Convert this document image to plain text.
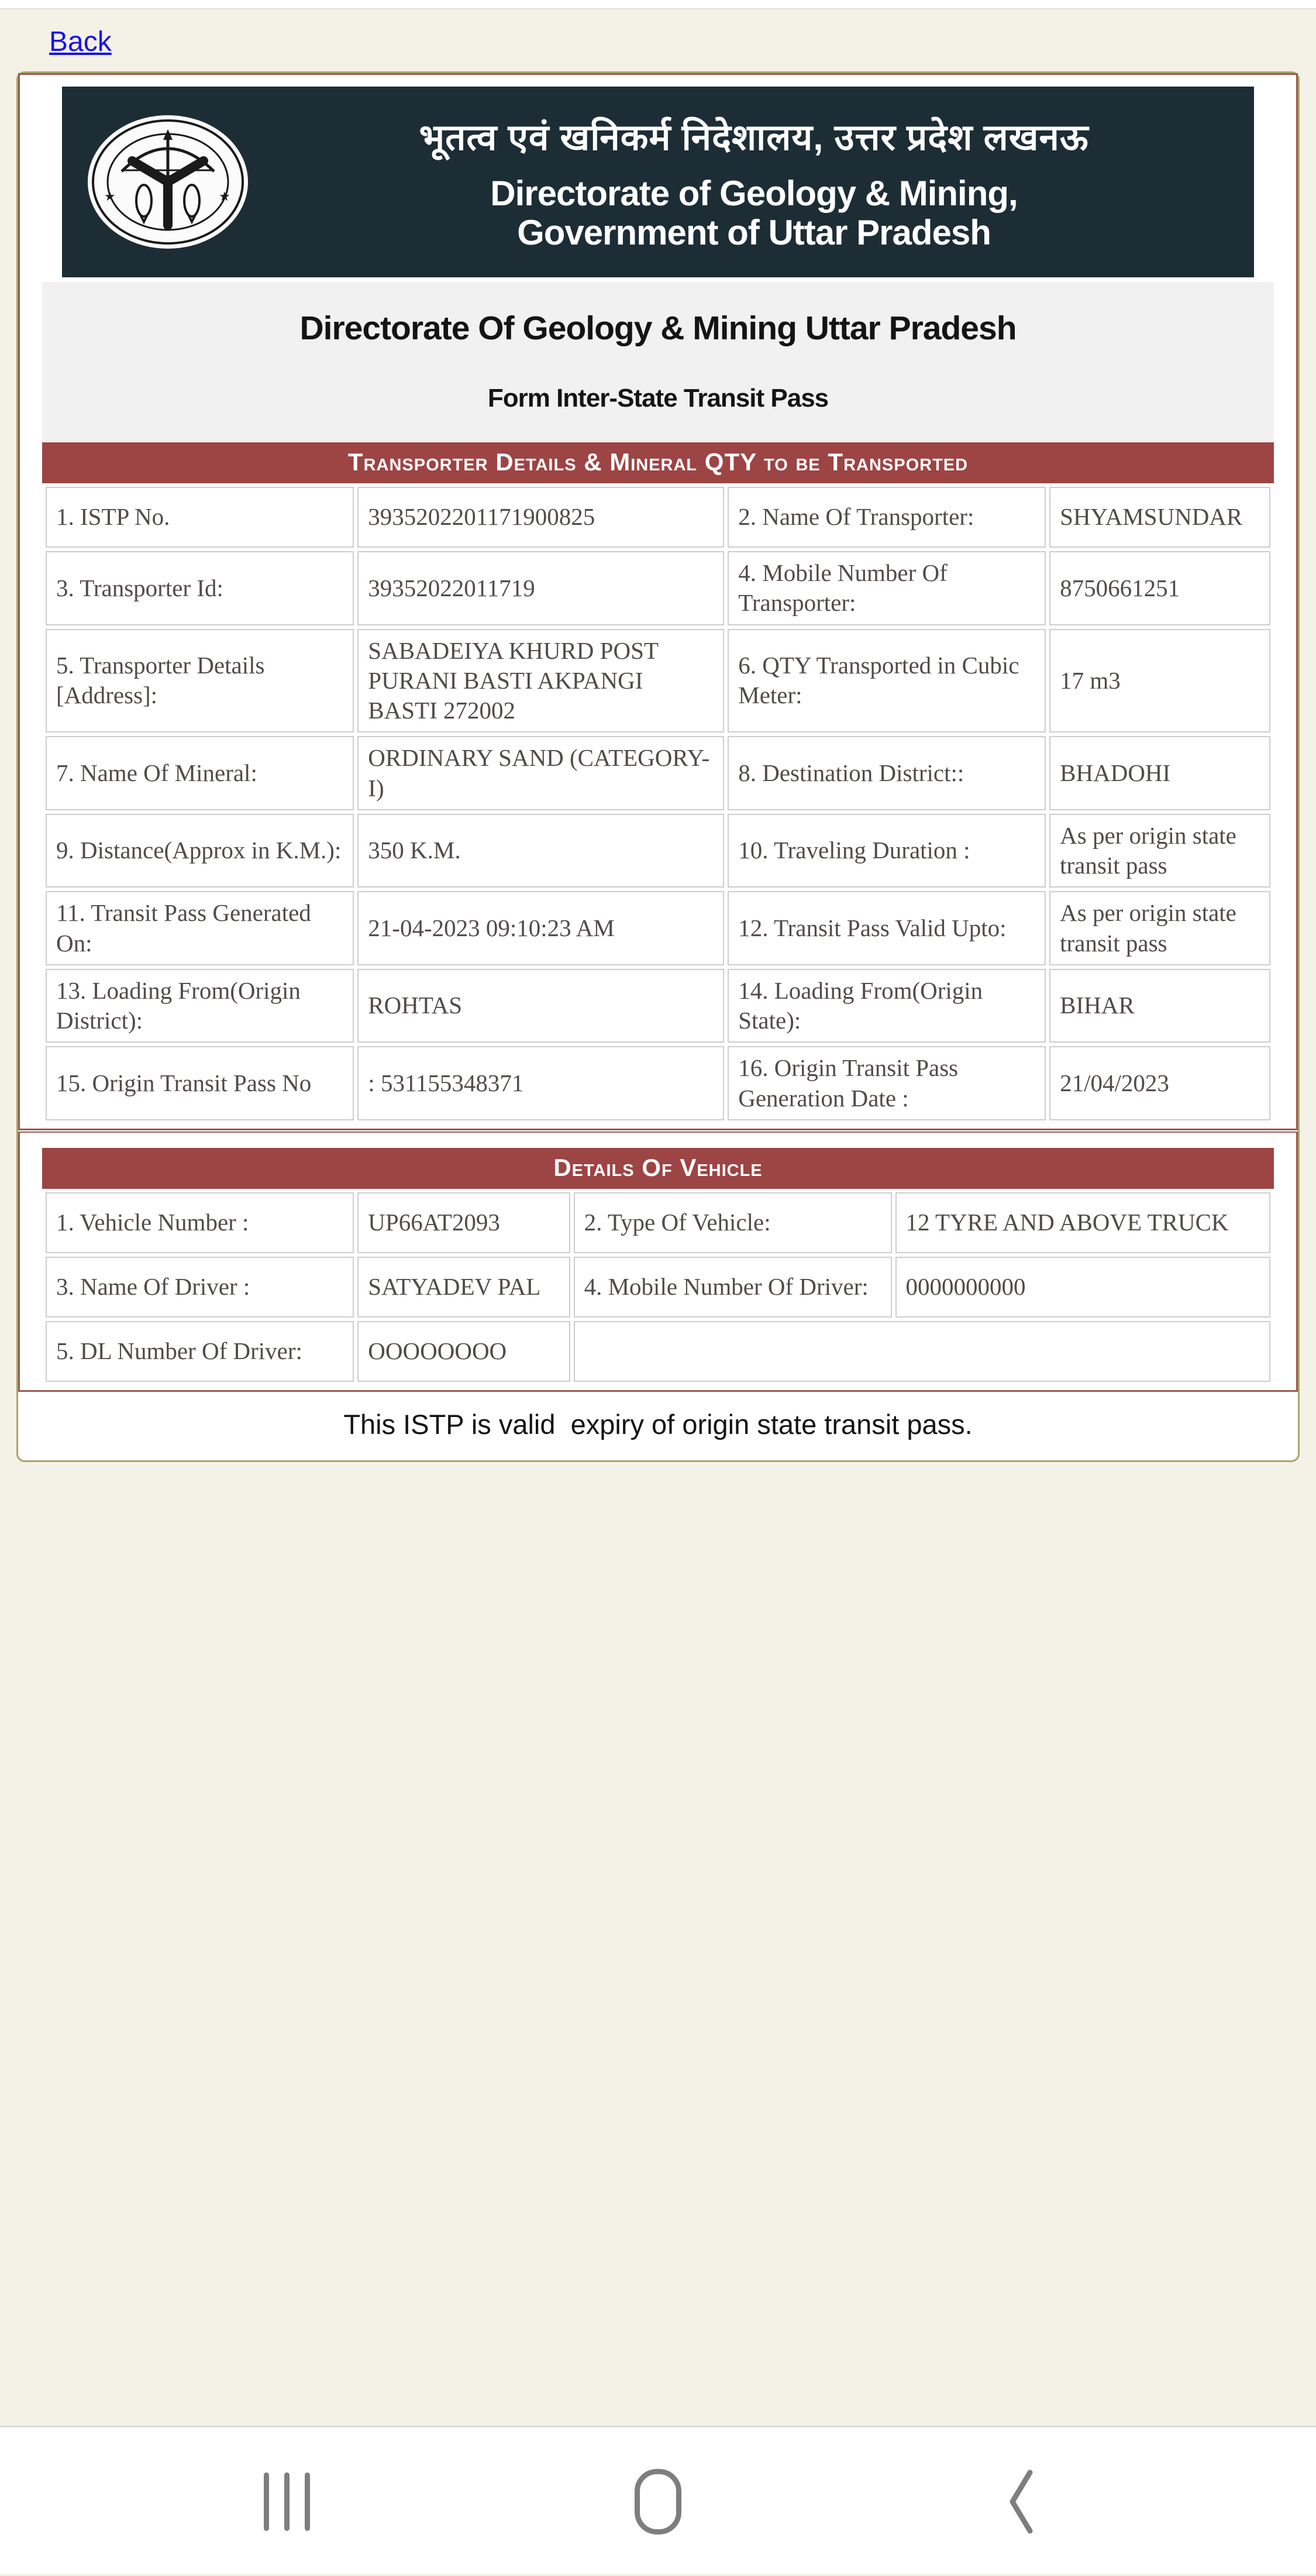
Back
★	★
भूतत्व एवं खनिकर्म निदेशालय, उत्तर प्रदेश लखनऊ
Directorate of Geology & Mining,
Government of Uttar Pradesh
Directorate Of Geology & Mining Uttar Pradesh
Form Inter-State Transit Pass
Transporter Details & Mineral QTY to be Transported
1. ISTP No.	3935202201171900825	2. Name Of Transporter:	SHYAMSUNDAR
3. Transporter Id:	39352022011719	4. Mobile Number Of Transporter:	8750661251
5. Transporter Details [Address]:	SABADEIYA KHURD POST PURANI BASTI AKPANGI BASTI 272002	6. QTY Transported in Cubic Meter:	17 m3
7. Name Of Mineral:	ORDINARY SAND (CATEGORY-I)	8. Destination District::	BHADOHI
9. Distance(Approx in K.M.):	350 K.M.	10. Traveling Duration :	As per origin state transit pass
11. Transit Pass Generated On:	21-04-2023 09:10:23 AM	12. Transit Pass Valid Upto:	As per origin state transit pass
13. Loading From(Origin District):	ROHTAS	14. Loading From(Origin State):	BIHAR
15. Origin Transit Pass No	: 531155348371	16. Origin Transit Pass Generation Date :	21/04/2023
Details Of Vehicle
1. Vehicle Number :	UP66AT2093	2. Type Of Vehicle:	12 TYRE AND ABOVE TRUCK
3. Name Of Driver :	SATYADEV PAL	4. Mobile Number Of Driver:	0000000000
5. DL Number Of Driver:	OOOOOOOO		
This ISTP is valid  expiry of origin state transit pass.
